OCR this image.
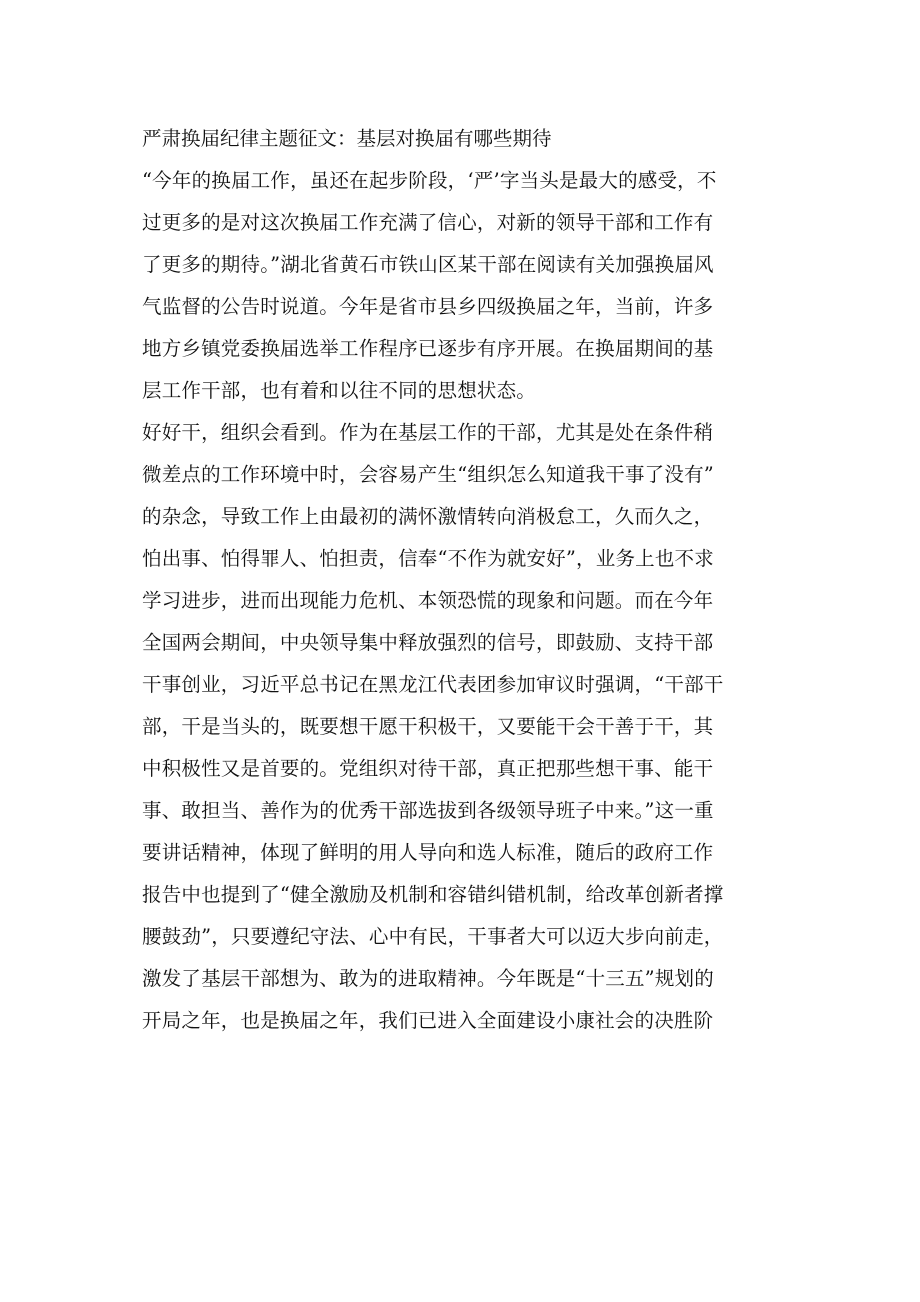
严肃换届纪律主题征文：基层对换届有哪些期待

“今年的换届工作，虽还在起步阶段，‘严’字当头是最大的感受，不

过更多的是对这次换届工作充满了信心，对新的领导干部和工作有

了更多的期待。”湖北省黄石市铁山区某干部在阅读有关加强换届风

气监督的公告时说道。今年是省市县乡四级换届之年，当前，许多

地方乡镇党委换届选举工作程序已逐步有序开展。在换届期间的基

层工作干部，也有着和以往不同的思想状态。

好好干，组织会看到。作为在基层工作的干部，尤其是处在条件稍

微差点的工作环境中时，会容易产生“组织怎么知道我干事了没有”

的杂念，导致工作上由最初的满怀激情转向消极怠工，久而久之，

怕出事、怕得罪人、怕担责，信奉“不作为就安好”，业务上也不求

学习进步，进而出现能力危机、本领恐慌的现象和问题。而在今年

全国两会期间，中央领导集中释放强烈的信号，即鼓励、支持干部

干事创业，习近平总书记在黑龙江代表团参加审议时强调，“干部干

部，干是当头的，既要想干愿干积极干，又要能干会干善于干，其

中积极性又是首要的。党组织对待干部，真正把那些想干事、能干

事、敢担当、善作为的优秀干部选拔到各级领导班子中来。”这一重

要讲话精神，体现了鲜明的用人导向和选人标准，随后的政府工作

报告中也提到了“健全激励及机制和容错纠错机制，给改革创新者撑

腰鼓劲”，只要遵纪守法、心中有民，干事者大可以迈大步向前走，

激发了基层干部想为、敢为的进取精神。今年既是“十三五”规划的

开局之年，也是换届之年，我们已进入全面建设小康社会的决胜阶
